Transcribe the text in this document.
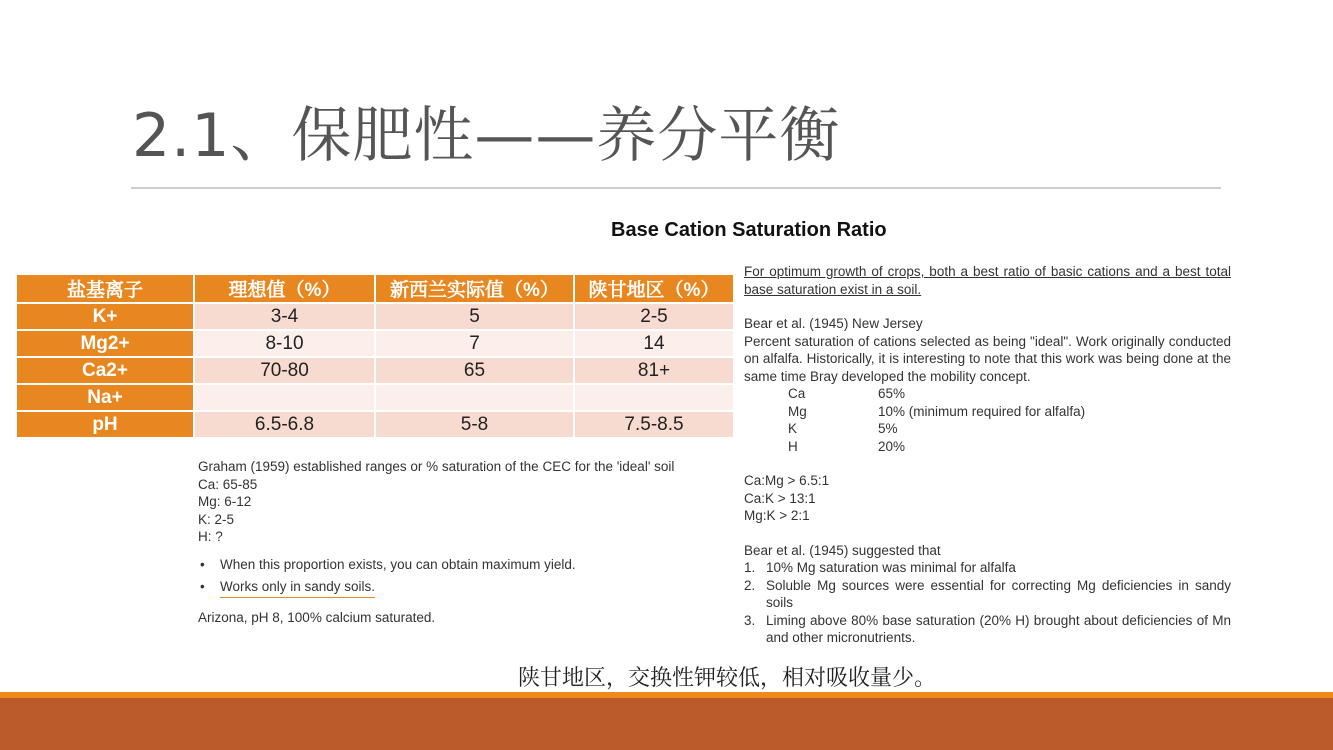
2.1、保肥性——养分平衡
盐基离子	理想值（%）	新西兰实际值（%）	陕甘地区（%）
K+	3-4	5	2-5
Mg2+	8-10	7	14
Ca2+	70-80	65	81+
Na+			
pH	6.5-6.8	5-8	7.5-8.5
Graham (1959) established ranges or % saturation of the CEC for the 'ideal' soil
Ca: 65-85
Mg: 6-12
K: 2-5
H: ?
• When this proportion exists, you can obtain maximum yield.
• Works only in sandy soils.
Arizona, pH 8, 100% calcium saturated.
Base Cation Saturation Ratio

For optimum growth of crops, both a best ratio of basic cations and a best total base saturation exist in a soil.

Bear et al. (1945) New Jersey

Percent saturation of cations selected as being "ideal". Work originally conducted on alfalfa. Historically, it is interesting to note that this work was being done at the same time Bray developed the mobility concept.

Ca	65%
Mg	10% (minimum required for alfalfa)
K	5%
H	20%

Ca:Mg > 6.5:1

Ca:K > 13:1

Mg:K > 2:1

Bear et al. (1945) suggested that

1. 10% Mg saturation was minimal for alfalfa
2. Soluble Mg sources were essential for correcting Mg deficiencies in sandy soils
3. Liming above 80% base saturation (20% H) brought about deficiencies of Mn and other micronutrients.
陕甘地区，交换性钾较低，相对吸收量少。
